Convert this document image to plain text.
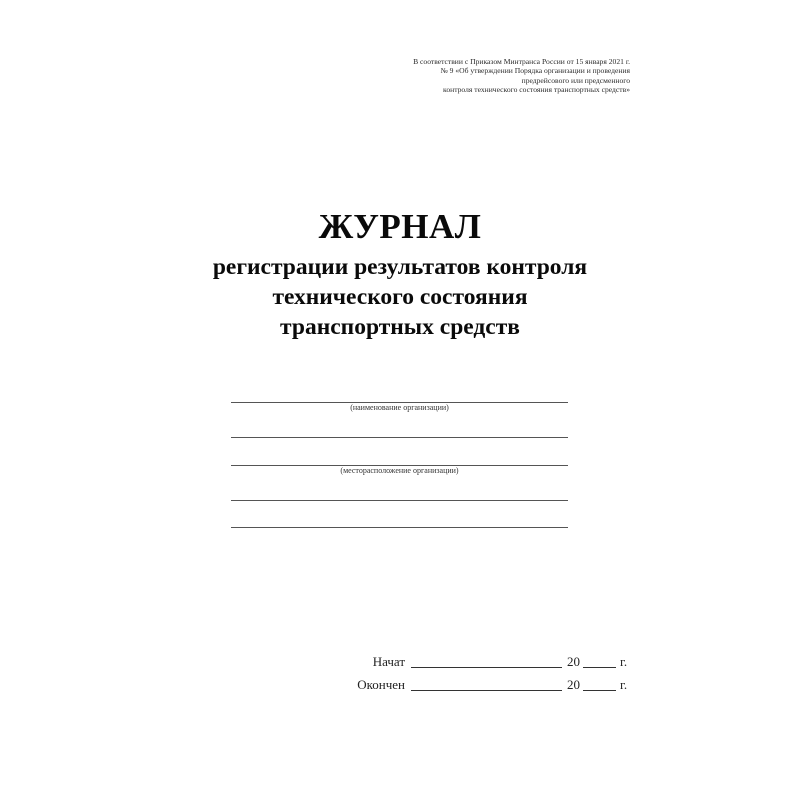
В соответствии с Приказом Минтранса России от 15 января 2021 г.
№ 9 «Об утверждении Порядка организации и проведения
предрейсового или предсменного
контроля технического состояния транспортных средств»
ЖУРНАЛ
регистрации результатов контроля
технического состояния
транспортных средств
(наименование организации)
(месторасположение организации)
Начат	20	г.
Окончен	20	г.
